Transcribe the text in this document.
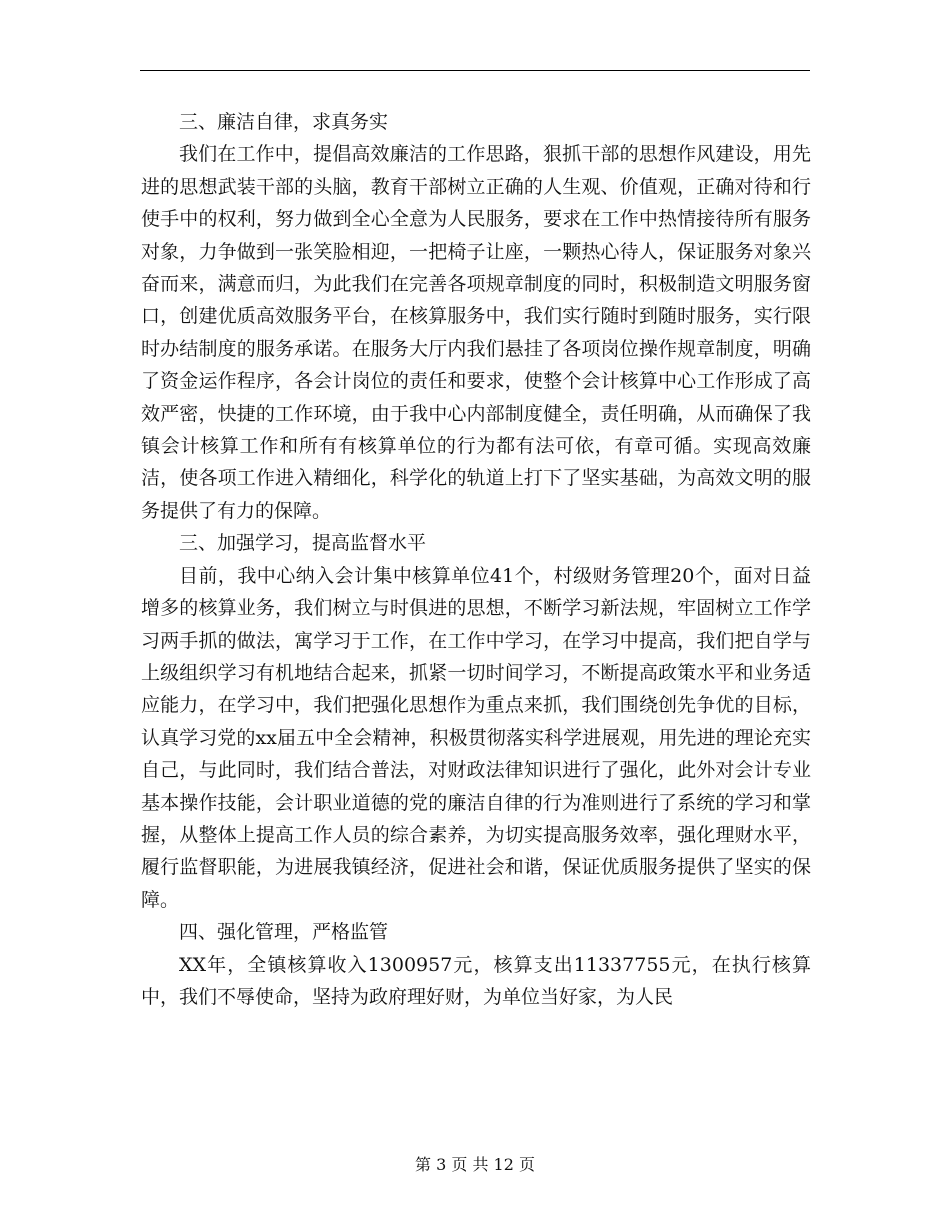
三、廉洁自律，求真务实

我们在工作中，提倡高效廉洁的工作思路，狠抓干部的思想作风建设，用先进的思想武装干部的头脑，教育干部树立正确的人生观、价值观，正确对待和行使手中的权利，努力做到全心全意为人民服务，要求在工作中热情接待所有服务对象，力争做到一张笑脸相迎，一把椅子让座，一颗热心待人，保证服务对象兴奋而来，满意而归，为此我们在完善各项规章制度的同时，积极制造文明服务窗口，创建优质高效服务平台，在核算服务中，我们实行随时到随时服务，实行限时办结制度的服务承诺。在服务大厅内我们悬挂了各项岗位操作规章制度，明确了资金运作程序，各会计岗位的责任和要求，使整个会计核算中心工作形成了高效严密，快捷的工作环境，由于我中心内部制度健全，责任明确，从而确保了我镇会计核算工作和所有有核算单位的行为都有法可依，有章可循。实现高效廉洁，使各项工作进入精细化，科学化的轨道上打下了坚实基础，为高效文明的服务提供了有力的保障。

三、加强学习，提高监督水平

目前，我中心纳入会计集中核算单位41个，村级财务管理20个，面对日益增多的核算业务，我们树立与时俱进的思想，不断学习新法规，牢固树立工作学习两手抓的做法，寓学习于工作，在工作中学习，在学习中提高，我们把自学与上级组织学习有机地结合起来，抓紧一切时间学习，不断提高政策水平和业务适应能力，在学习中，我们把强化思想作为重点来抓，我们围绕创先争优的目标，认真学习党的xx届五中全会精神，积极贯彻落实科学进展观，用先进的理论充实自己，与此同时，我们结合普法，对财政法律知识进行了强化，此外对会计专业基本操作技能，会计职业道德的党的廉洁自律的行为准则进行了系统的学习和掌握，从整体上提高工作人员的综合素养，为切实提高服务效率，强化理财水平，履行监督职能，为进展我镇经济，促进社会和谐，保证优质服务提供了坚实的保障。

四、强化管理，严格监管

XX年，全镇核算收入1300957元，核算支出11337755元，在执行核算中，我们不辱使命，坚持为政府理好财，为单位当好家，为人民

第 3 页 共 12 页
